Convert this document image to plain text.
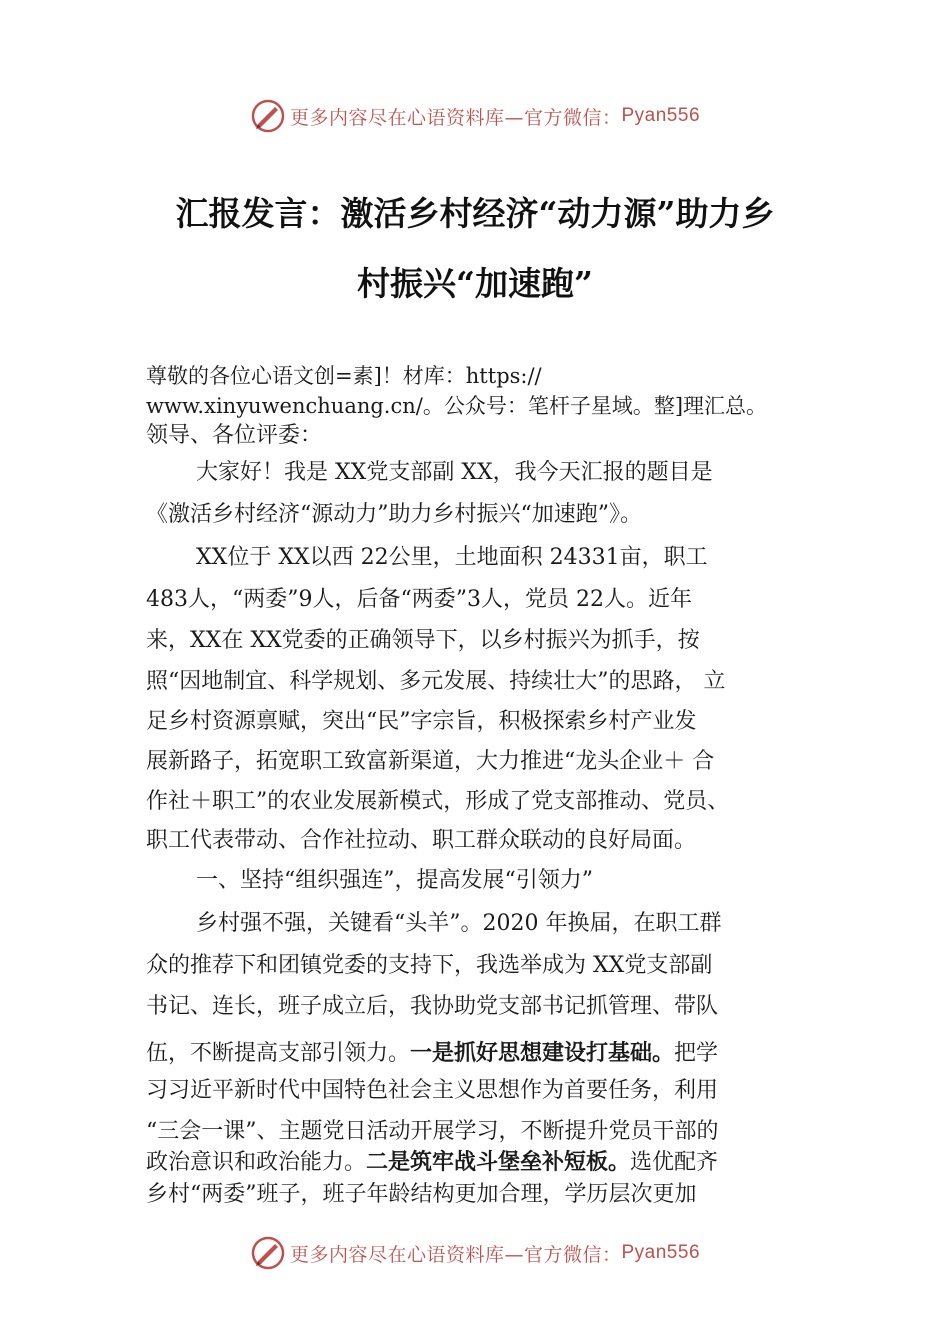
更多内容尽在心语资料库—官方微信： Pyan556
汇报发言：激活乡村经济“动力源”助力乡
村振兴“加速跑”
尊敬的各位心语文创=素]！材库：https://
www.xinyuwenchuang.cn/。公众号：笔杆子星域。整]理汇总。
领导、各位评委：
大家好！我是 XX党支部副 XX，我今天汇报的题目是
《激活乡村经济“源动力”助力乡村振兴“加速跑”》。
XX位于 XX以西 22公里，土地面积 24331亩，职工
483人，“两委”9人，后备“两委”3人，党员 22人。近年
来，XX在 XX党委的正确领导下，以乡村振兴为抓手，按
照“因地制宜、科学规划、多元发展、持续壮大”的思路， 立
足乡村资源禀赋，突出“民”字宗旨，积极探索乡村产业发
展新路子，拓宽职工致富新渠道，大力推进“龙头企业＋ 合
作社＋职工”的农业发展新模式，形成了党支部推动、党员、
职工代表带动、合作社拉动、职工群众联动的良好局面。
一、坚持“组织强连”，提高发展“引领力”
乡村强不强，关键看“头羊”。2020 年换届，在职工群
众的推荐下和团镇党委的支持下，我选举成为 XX党支部副
书记、连长，班子成立后，我协助党支部书记抓管理、带队
伍，不断提高支部引领力。一是抓好思想建设打基础。把学
习习近平新时代中国特色社会主义思想作为首要任务，利用
“三会一课”、主题党日活动开展学习，不断提升党员干部的
政治意识和政治能力。二是筑牢战斗堡垒补短板。选优配齐
乡村“两委”班子，班子年龄结构更加合理，学历层次更加
更多内容尽在心语资料库—官方微信： Pyan556
